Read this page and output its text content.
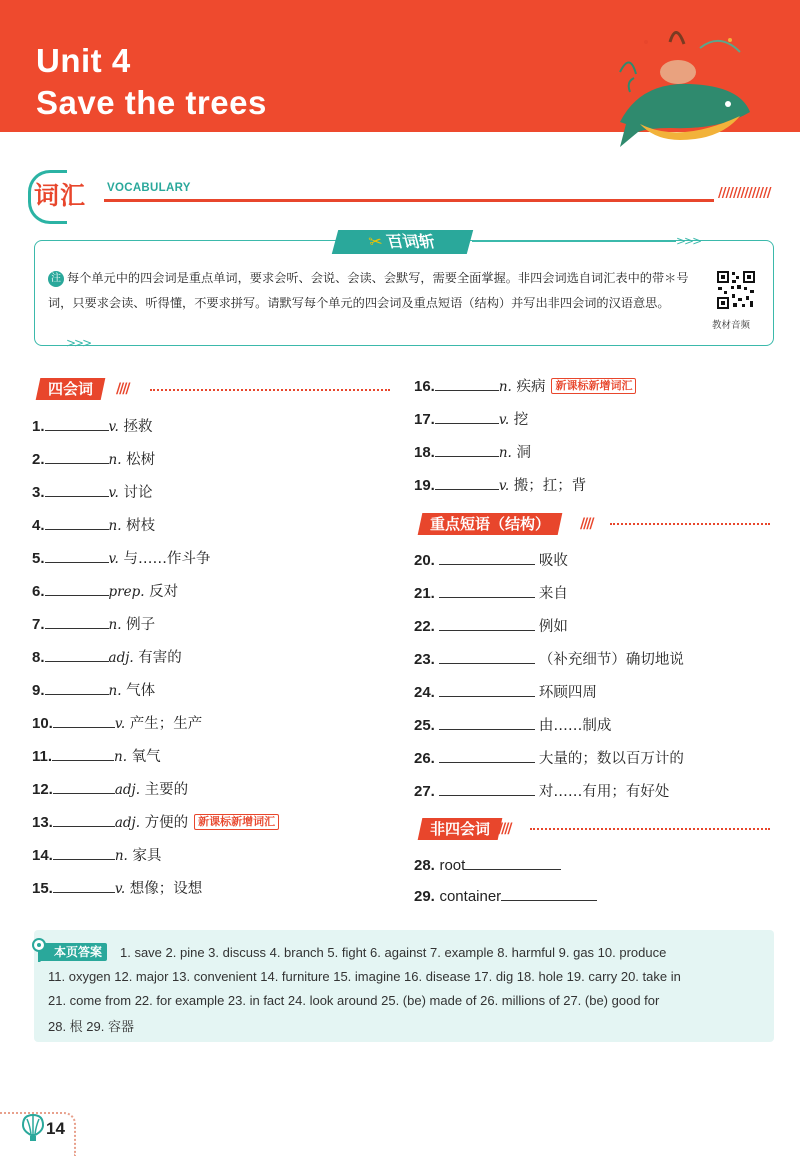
Unit 4
Save the trees
词汇	VOCABULARY	//////////////
✂百词斩	>>>
>>>
注 每个单元中的四会词是重点单词，要求会听、会说、会读、会默写，需要全面掌握。非四会词选自词汇表中的带＊号词，只要求会读、听得懂，不要求拼写。请默写每个单元的四会词及重点短语（结构）并写出非四会词的汉语意思。
教材音频
四会词	////
1.	v. 拯救
2.	n. 松树
3.	v. 讨论
4.	n. 树枝
5.	v. 与……作斗争
6.	prep. 反对
7.	n. 例子
8.	adj. 有害的
9.	n. 气体
10.	v. 产生；生产
11.	n. 氧气
12.	adj. 主要的
13.	adj. 方便的 新课标新增词汇
14.	n. 家具
15.	v. 想像；设想
16.	n. 疾病 新课标新增词汇
17.	v. 挖
18.	n. 洞
19.	v. 搬；扛；背
重点短语（结构）	////
20.	吸收
21.	来自
22.	例如
23.	（补充细节）确切地说
24.	环顾四周
25.	由……制成
26.	大量的；数以百万计的
27.	对……有用；有好处
非四会词 ////
28. root
29. container
本页答案	1. save 2. pine 3. discuss 4. branch 5. fight 6. against 7. example 8. harmful 9. gas 10. produce
11. oxygen 12. major 13. convenient 14. furniture 15. imagine 16. disease 17. dig 18. hole 19. carry 20. take in
21. come from 22. for example 23. in fact 24. look around 25. (be) made of 26. millions of 27. (be) good for
28. 根 29. 容器
14
